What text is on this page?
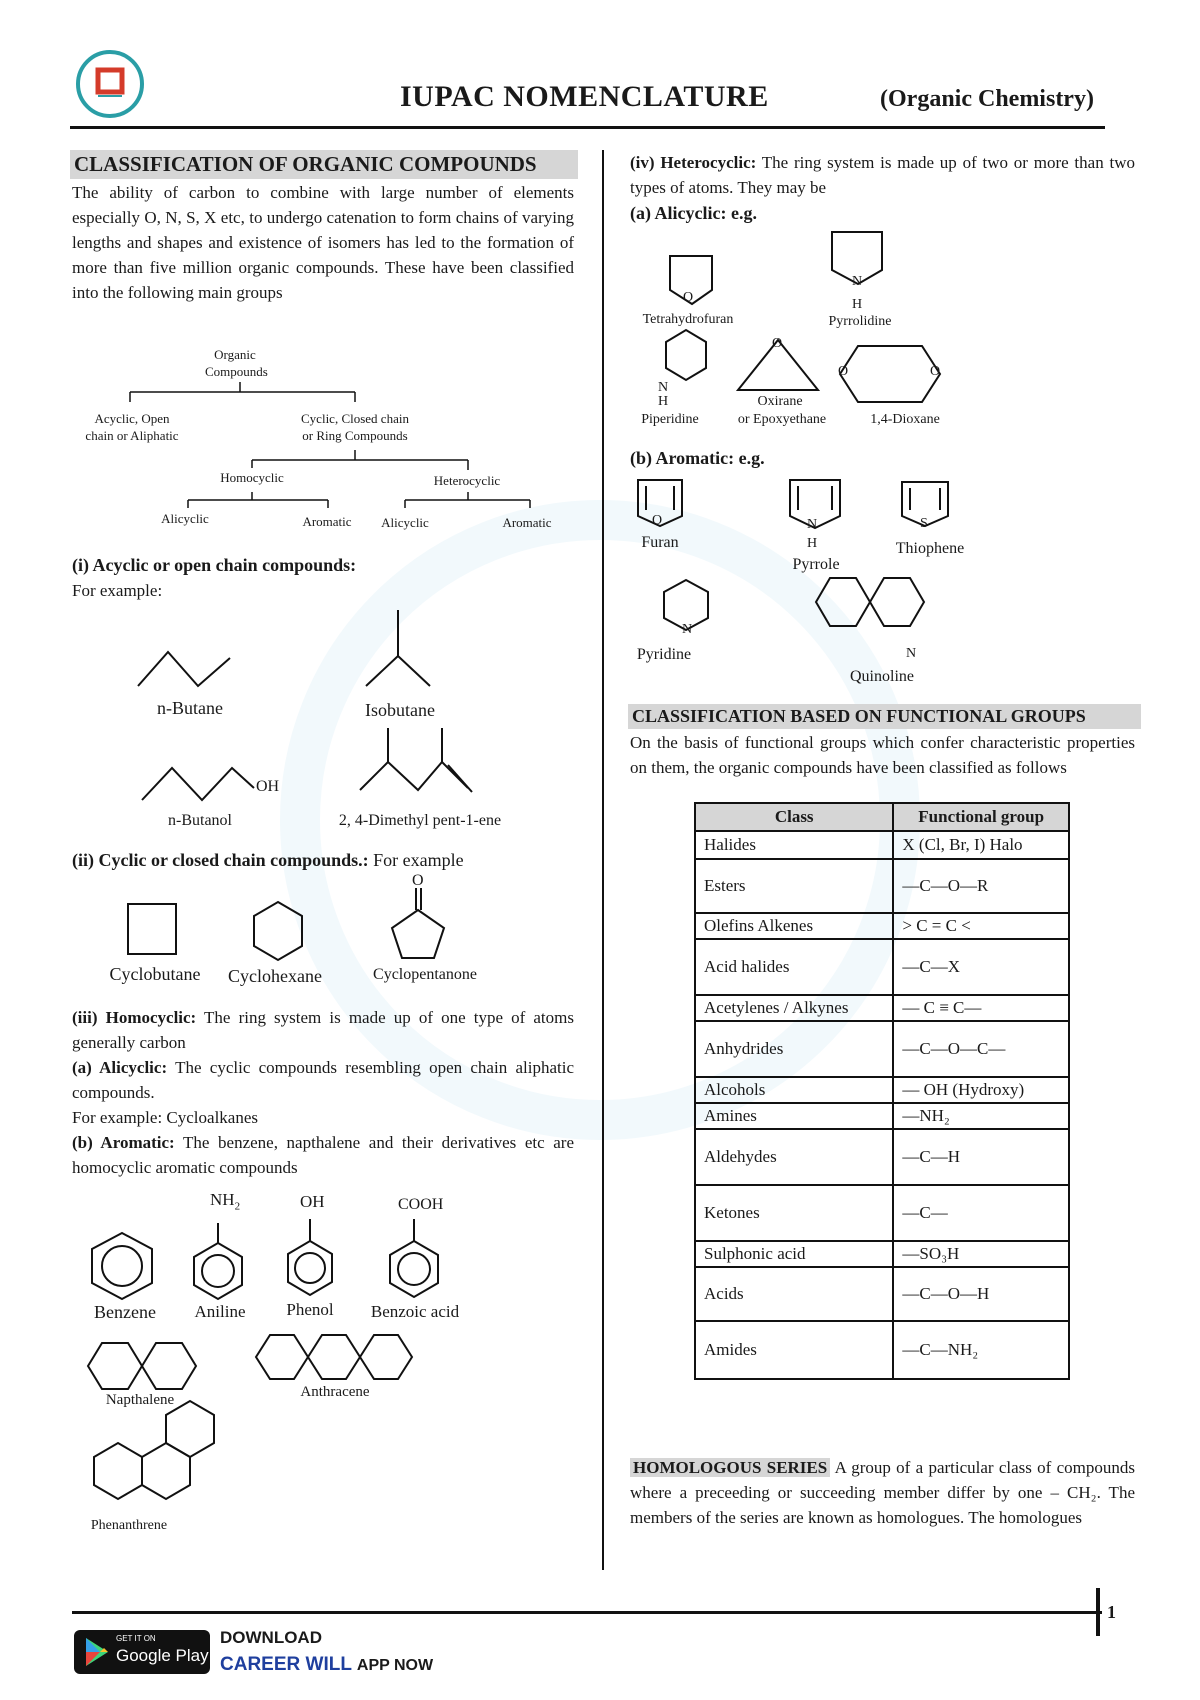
IUPAC NOMENCLATURE	(Organic Chemistry)
CLASSIFICATION OF ORGANIC COMPOUNDS
The ability of carbon to combine with large number of elements especially O, N, S, X etc, to undergo catenation to form chains of varying lengths and shapes and existence of isomers has led to the formation of more than five million organic compounds. These have been classified into the following main groups
Organic
Compounds
Acyclic, Open
chain or Aliphatic
Cyclic, Closed chain
or Ring Compounds
Homocyclic	Heterocyclic
Alicyclic	Aromatic	Alicyclic	Aromatic
(i) Acyclic or open chain compounds:
For example:
n-Butane	Isobutane
OH
n-Butanol	2, 4-Dimethyl pent-1-ene
(ii) Cyclic or closed chain compounds.: For example
O
Cyclobutane	Cyclohexane	Cyclopentanone
(iii) Homocyclic: The ring system is made up of one type of atoms generally carbon
(a) Alicyclic: The cyclic compounds resembling open chain aliphatic compounds.
For example: Cycloalkanes
(b) Aromatic: The benzene, napthalene and their derivatives etc are homocyclic aromatic compounds
$NH_2$	OH	COOH
Benzene	Aniline	Phenol	Benzoic acid
Napthalene	Anthracene
Phenanthrene
(iv) Heterocyclic: The ring system is made up of two or more than two types of atoms. They may be
(a) Alicyclic: e.g.
O
N
H
Tetrahydrofuran	Pyrrolidine
N
H
O
O	O
Piperidine
Oxirane
or Epoxyethane	1,4-Dioxane
(b) Aromatic: e.g.
O	N
H
S
Furan
Pyrrole
Thiophene
N
Pyridine	N
Quinoline
CLASSIFICATION BASED ON FUNCTIONAL GROUPS
On the basis of functional groups which confer characteristic properties on them, the organic compounds have been classified as follows
Class	Functional group
Halides	X (Cl, Br, I) Halo
Esters	—C—O—R
Olefins Alkenes	> C = C <
Acid halides	—C—X
Acetylenes / Alkynes	— C ≡ C—
Anhydrides	—C—O—C—
Alcohols	— OH (Hydroxy)
Amines	—NH₂
Aldehydes	—C—H
Ketones	—C—
Sulphonic acid	—SO₃H
Acids	—C—O—H
Amides	—C—NH₂
HOMOLOGOUS SERIES A group of a particular class of compounds where a preceeding or succeeding member differ by one – CH₂. The members of the series are known as homologues. The homologues
1
GET IT ON
Google Play
DOWNLOAD
CAREER WILL APP NOW
